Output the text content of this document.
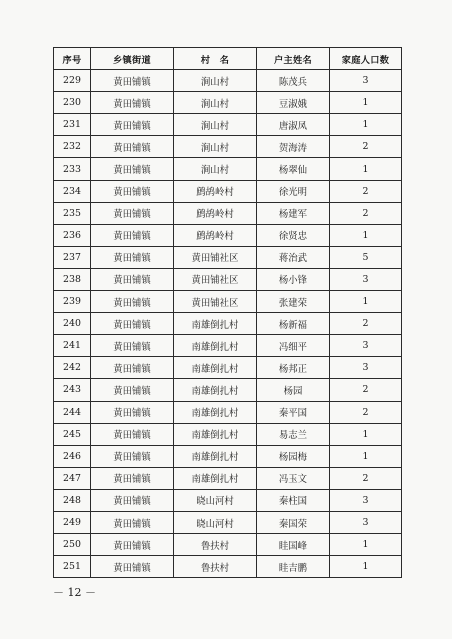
序号	乡镇街道	村　名	户主姓名	家庭人口数
229	黄田铺镇	涧山村	陈茂兵	3
230	黄田铺镇	涧山村	豆淑娥	1
231	黄田铺镇	涧山村	唐淑凤	1
232	黄田铺镇	涧山村	贺海涛	2
233	黄田铺镇	涧山村	杨翠仙	1
234	黄田铺镇	鹧鸪岭村	徐光明	2
235	黄田铺镇	鹧鸪岭村	杨建军	2
236	黄田铺镇	鹧鸪岭村	徐贤忠	1
237	黄田铺镇	黄田铺社区	蒋治武	5
238	黄田铺镇	黄田铺社区	杨小锋	3
239	黄田铺镇	黄田铺社区	张建荣	1
240	黄田铺镇	南雄倒扎村	杨新福	2
241	黄田铺镇	南雄倒扎村	冯细平	3
242	黄田铺镇	南雄倒扎村	杨邦正	3
243	黄田铺镇	南雄倒扎村	杨园	2
244	黄田铺镇	南雄倒扎村	秦平国	2
245	黄田铺镇	南雄倒扎村	易志兰	1
246	黄田铺镇	南雄倒扎村	杨园梅	1
247	黄田铺镇	南雄倒扎村	冯玉文	2
248	黄田铺镇	晓山河村	秦柱国	3
249	黄田铺镇	晓山河村	秦国荣	3
250	黄田铺镇	鲁扶村	眭国峰	1
251	黄田铺镇	鲁扶村	眭吉鹏	1
－ 12 －
